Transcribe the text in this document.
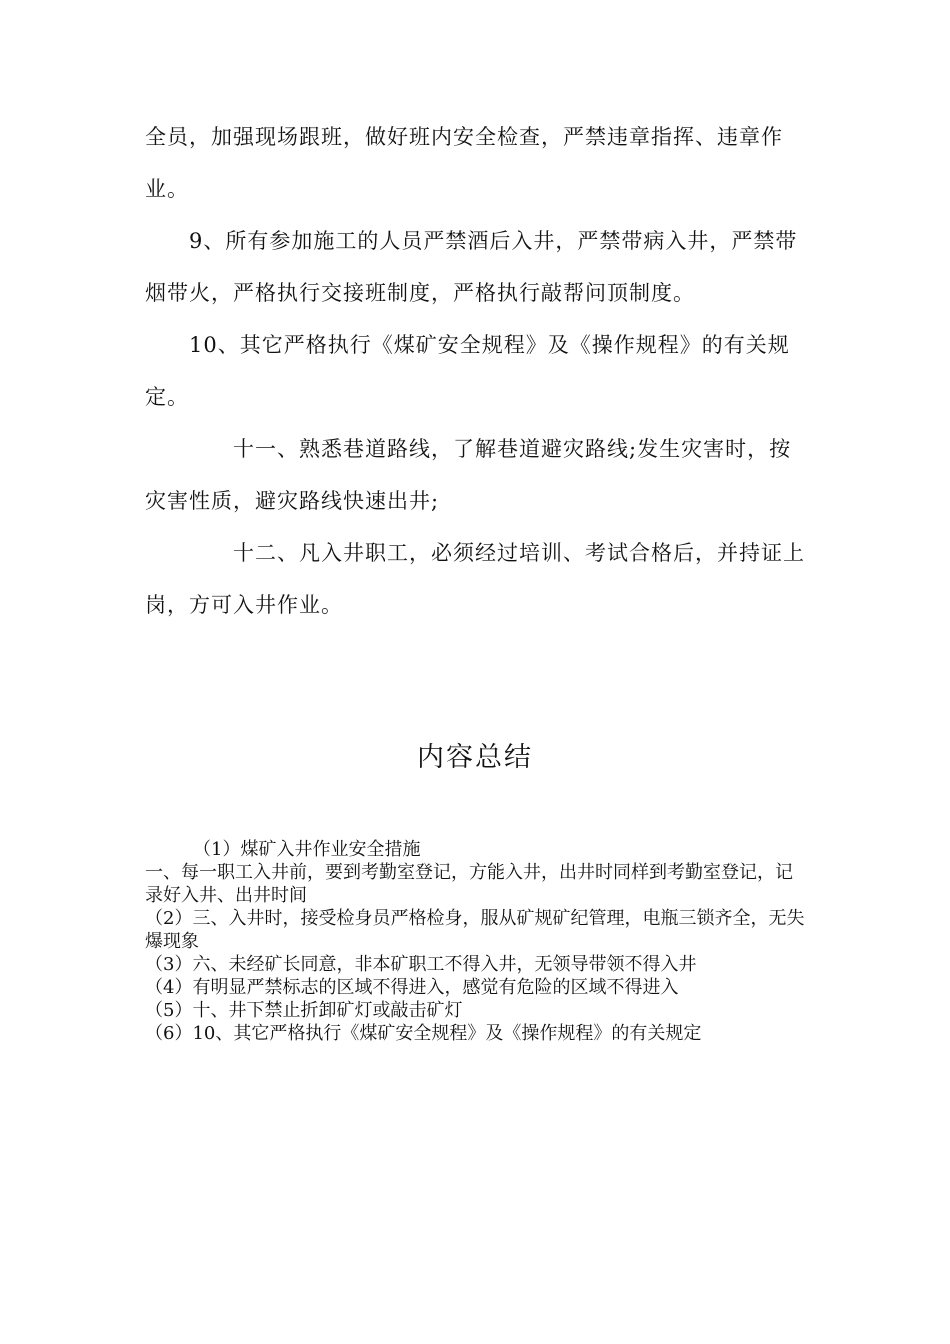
全员，加强现场跟班，做好班内安全检查，严禁违章指挥、违章作业。

9、所有参加施工的人员严禁酒后入井，严禁带病入井，严禁带烟带火，严格执行交接班制度，严格执行敲帮问顶制度。

10、其它严格执行《煤矿安全规程》及《操作规程》的有关规定。

十一、熟悉巷道路线，了解巷道避灾路线;发生灾害时，按灾害性质，避灾路线快速出井;

十二、凡入井职工，必须经过培训、考试合格后，并持证上岗，方可入井作业。

内容总结

（1）煤矿入井作业安全措施

一、每一职工入井前，要到考勤室登记，方能入井，出井时同样到考勤室登记，记录好入井、出井时间

（2）三、入井时，接受检身员严格检身，服从矿规矿纪管理，电瓶三锁齐全，无失爆现象

（3）六、未经矿长同意，非本矿职工不得入井，无领导带领不得入井

（4）有明显严禁标志的区域不得进入，感觉有危险的区域不得进入

（5）十、井下禁止折卸矿灯或敲击矿灯

（6）10、其它严格执行《煤矿安全规程》及《操作规程》的有关规定
